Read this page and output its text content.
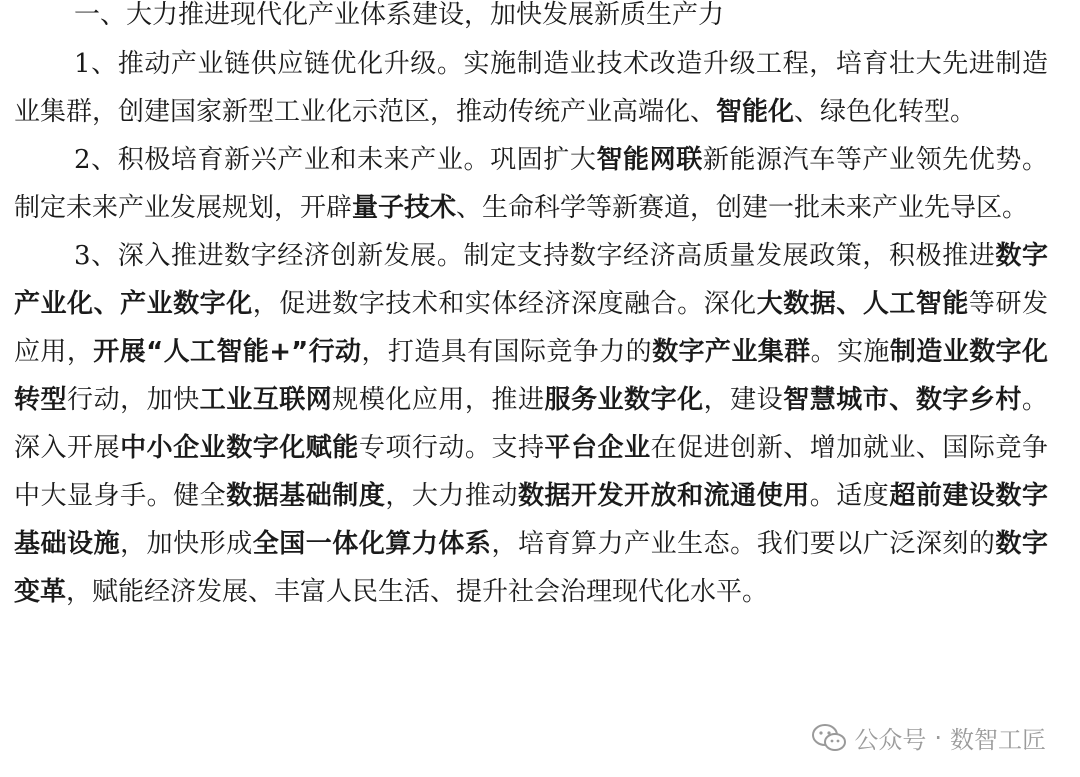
一、大力推进现代化产业体系建设，加快发展新质生产力

1、推动产业链供应链优化升级。实施制造业技术改造升级工程，培育壮大先进制造业集群，创建国家新型工业化示范区，推动传统产业高端化、智能化、绿色化转型。

2、积极培育新兴产业和未来产业。巩固扩大智能网联新能源汽车等产业领先优势。制定未来产业发展规划，开辟量子技术、生命科学等新赛道，创建一批未来产业先导区。

3、深入推进数字经济创新发展。制定支持数字经济高质量发展政策，积极推进数字产业化、产业数字化，促进数字技术和实体经济深度融合。深化大数据、人工智能等研发应用，开展“人工智能+”行动，打造具有国际竞争力的数字产业集群。实施制造业数字化转型行动，加快工业互联网规模化应用，推进服务业数字化，建设智慧城市、数字乡村。深入开展中小企业数字化赋能专项行动。支持平台企业在促进创新、增加就业、国际竞争中大显身手。健全数据基础制度，大力推动数据开发开放和流通使用。适度超前建设数字基础设施，加快形成全国一体化算力体系，培育算力产业生态。我们要以广泛深刻的数字变革，赋能经济发展、丰富人民生活、提升社会治理现代化水平。

公众号 · 数智工匠
